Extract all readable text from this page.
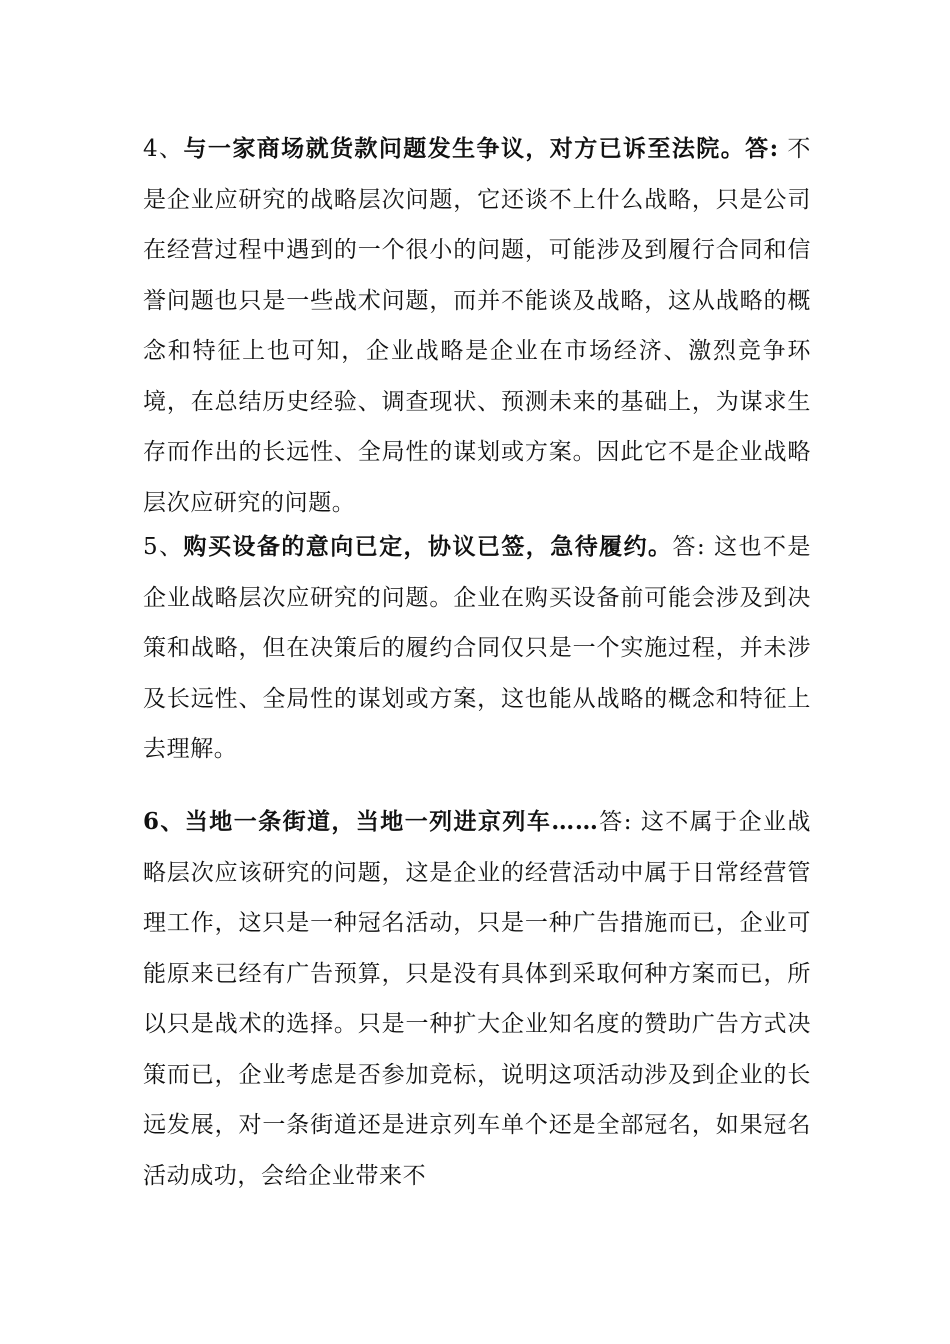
4、与一家商场就货款问题发生争议，对方已诉至法院。答: 不是企业应研究的战略层次问题，它还谈不上什么战略，只是公司在经营过程中遇到的一个很小的问题，可能涉及到履行合同和信誉问题也只是一些战术问题，而并不能谈及战略，这从战略的概念和特征上也可知，企业战略是企业在市场经济、激烈竞争环境，在总结历史经验、调查现状、预测未来的基础上，为谋求生存而作出的长远性、全局性的谋划或方案。因此它不是企业战略层次应研究的问题。

5、购买设备的意向已定，协议已签，急待履约。答: 这也不是企业战略层次应研究的问题。企业在购买设备前可能会涉及到决策和战略，但在决策后的履约合同仅只是一个实施过程，并未涉及长远性、全局性的谋划或方案，这也能从战略的概念和特征上去理解。

6、当地一条街道，当地一列进京列车……答: 这不属于企业战略层次应该研究的问题，这是企业的经营活动中属于日常经营管理工作，这只是一种冠名活动，只是一种广告措施而已，企业可能原来已经有广告预算，只是没有具体到采取何种方案而已，所以只是战术的选择。只是一种扩大企业知名度的赞助广告方式决策而已，企业考虑是否参加竞标，说明这项活动涉及到企业的长远发展，对一条街道还是进京列车单个还是全部冠名，如果冠名活动成功，会给企业带来不
